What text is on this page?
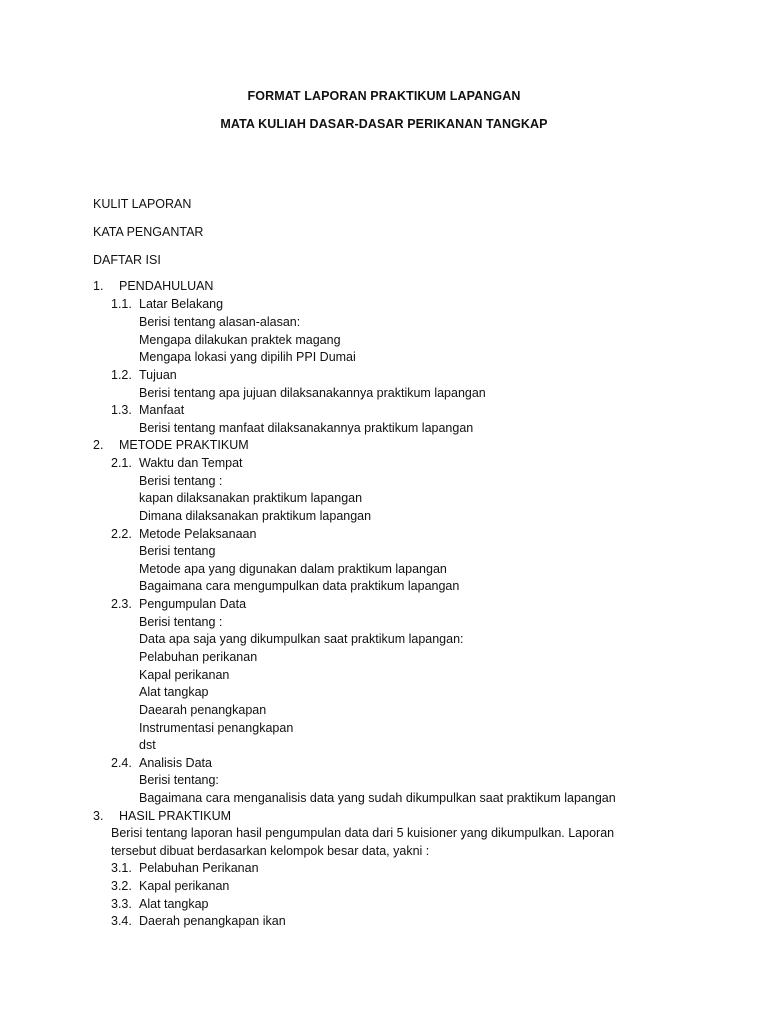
FORMAT LAPORAN PRAKTIKUM LAPANGAN
MATA KULIAH DASAR-DASAR PERIKANAN TANGKAP
KULIT LAPORAN
KATA PENGANTAR
DAFTAR ISI
1. PENDAHULUAN
1.1. Latar Belakang
Berisi tentang alasan-alasan:
Mengapa dilakukan praktek magang
Mengapa lokasi yang dipilih PPI Dumai
1.2. Tujuan
Berisi tentang apa jujuan dilaksanakannya praktikum lapangan
1.3. Manfaat
Berisi tentang manfaat dilaksanakannya praktikum lapangan
2. METODE PRAKTIKUM
2.1. Waktu dan Tempat
Berisi tentang :
kapan dilaksanakan praktikum lapangan
Dimana dilaksanakan praktikum lapangan
2.2. Metode Pelaksanaan
Berisi tentang
Metode apa yang digunakan dalam praktikum lapangan
Bagaimana cara mengumpulkan data praktikum lapangan
2.3. Pengumpulan Data
Berisi tentang :
Data apa saja yang dikumpulkan saat praktikum lapangan:
Pelabuhan perikanan
Kapal perikanan
Alat tangkap
Daearah penangkapan
Instrumentasi penangkapan
dst
2.4. Analisis Data
Berisi tentang:
Bagaimana cara menganalisis data yang sudah dikumpulkan saat praktikum lapangan
3. HASIL PRAKTIKUM
Berisi tentang laporan hasil pengumpulan data dari 5 kuisioner yang dikumpulkan. Laporan
tersebut dibuat berdasarkan kelompok besar data, yakni :
3.1. Pelabuhan Perikanan
3.2. Kapal perikanan
3.3. Alat tangkap
3.4. Daerah penangkapan ikan
